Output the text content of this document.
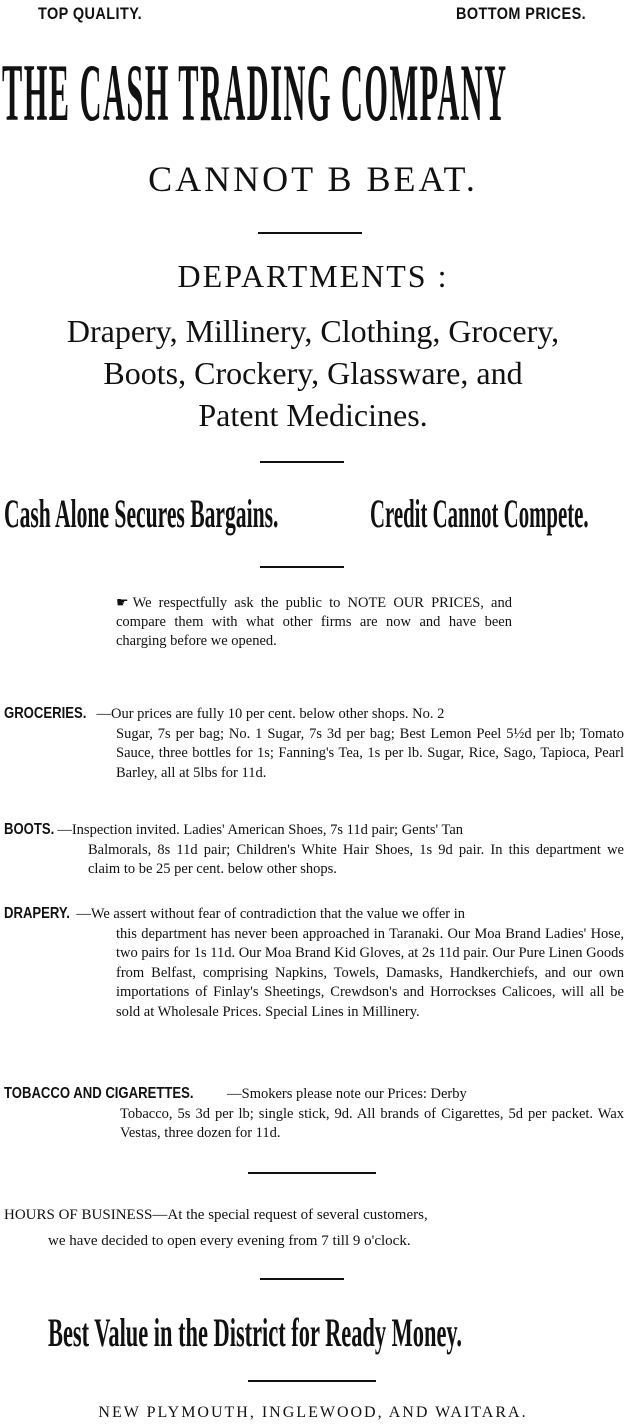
TOP QUALITY.	BOTTOM PRICES.
THE CASH TRADING COMPANY
CANNOT B BEAT.
DEPARTMENTS :
Drapery, Millinery, Clothing, Grocery,
Boots, Crockery, Glassware, and
Patent Medicines.
Cash Alone Secures Bargains. Credit Cannot Compete.
☛ We respectfully ask the public to NOTE OUR PRICES, and compare them with what other firms are now and have been charging before we opened.
GROCERIES. —Our prices are fully 10 per cent. below other shops. No. 2
Sugar, 7s per bag; No. 1 Sugar, 7s 3d per bag; Best Lemon Peel 5½d per lb; Tomato Sauce, three bottles for 1s; Fanning's Tea, 1s per lb. Sugar, Rice, Sago, Tapioca, Pearl Barley, all at 5lbs for 11d.
BOOTS. —Inspection invited. Ladies' American Shoes, 7s 11d pair; Gents' Tan
Balmorals, 8s 11d pair; Children's White Hair Shoes, 1s 9d pair. In this department we claim to be 25 per cent. below other shops.
DRAPERY. —We assert without fear of contradiction that the value we offer in
this department has never been approached in Taranaki. Our Moa Brand Ladies' Hose, two pairs for 1s 11d. Our Moa Brand Kid Gloves, at 2s 11d pair. Our Pure Linen Goods from Belfast, comprising Napkins, Towels, Damasks, Handkerchiefs, and our own importations of Finlay's Sheetings, Crewdson's and Horrockses Calicoes, will all be sold at Wholesale Prices. Special Lines in Millinery.
TOBACCO AND CIGARETTES. —Smokers please note our Prices: Derby
Tobacco, 5s 3d per lb; single stick, 9d. All brands of Cigarettes, 5d per packet. Wax Vestas, three dozen for 11d.
HOURS OF BUSINESS—At the special request of several customers,
we have decided to open every evening from 7 till 9 o'clock.
Best Value in the District for Ready Money.
NEW PLYMOUTH, INGLEWOOD, AND WAITARA.
